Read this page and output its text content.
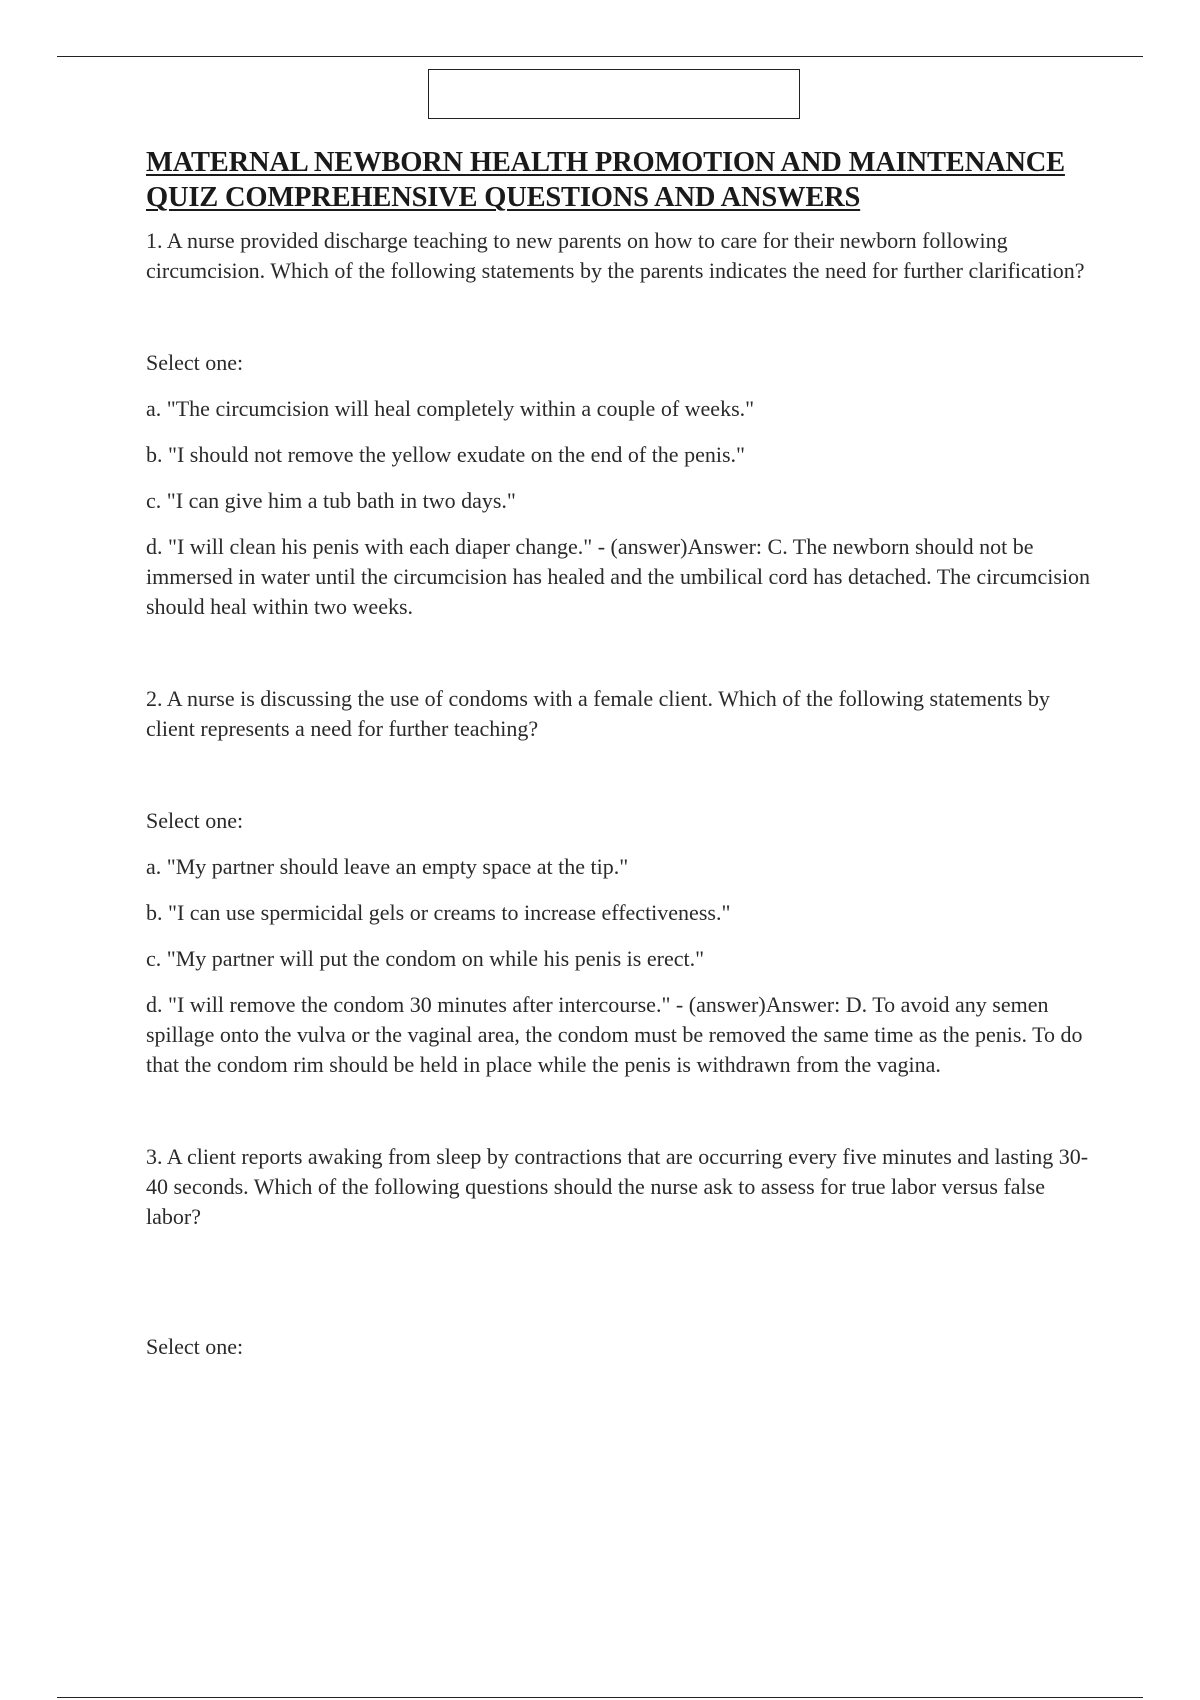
MATERNAL NEWBORN HEALTH PROMOTION AND MAINTENANCE
QUIZ COMPREHENSIVE QUESTIONS AND ANSWERS

1. A nurse provided discharge teaching to new parents on how to care for their newborn following circumcision. Which of the following statements by the parents indicates the need for further clarification?

Select one:

a. "The circumcision will heal completely within a couple of weeks."

b. "I should not remove the yellow exudate on the end of the penis."

c. "I can give him a tub bath in two days."

d. "I will clean his penis with each diaper change." - (answer)Answer: C. The newborn should not be immersed in water until the circumcision has healed and the umbilical cord has detached. The circumcision should heal within two weeks.

2. A nurse is discussing the use of condoms with a female client. Which of the following statements by client represents a need for further teaching?

Select one:

a. "My partner should leave an empty space at the tip."

b. "I can use spermicidal gels or creams to increase effectiveness."

c. "My partner will put the condom on while his penis is erect."

d. "I will remove the condom 30 minutes after intercourse." - (answer)Answer: D. To avoid any semen spillage onto the vulva or the vaginal area, the condom must be removed the same time as the penis. To do that the condom rim should be held in place while the penis is withdrawn from the vagina.

3. A client reports awaking from sleep by contractions that are occurring every five minutes and lasting 30-40 seconds. Which of the following questions should the nurse ask to assess for true labor versus false labor?

Select one:
